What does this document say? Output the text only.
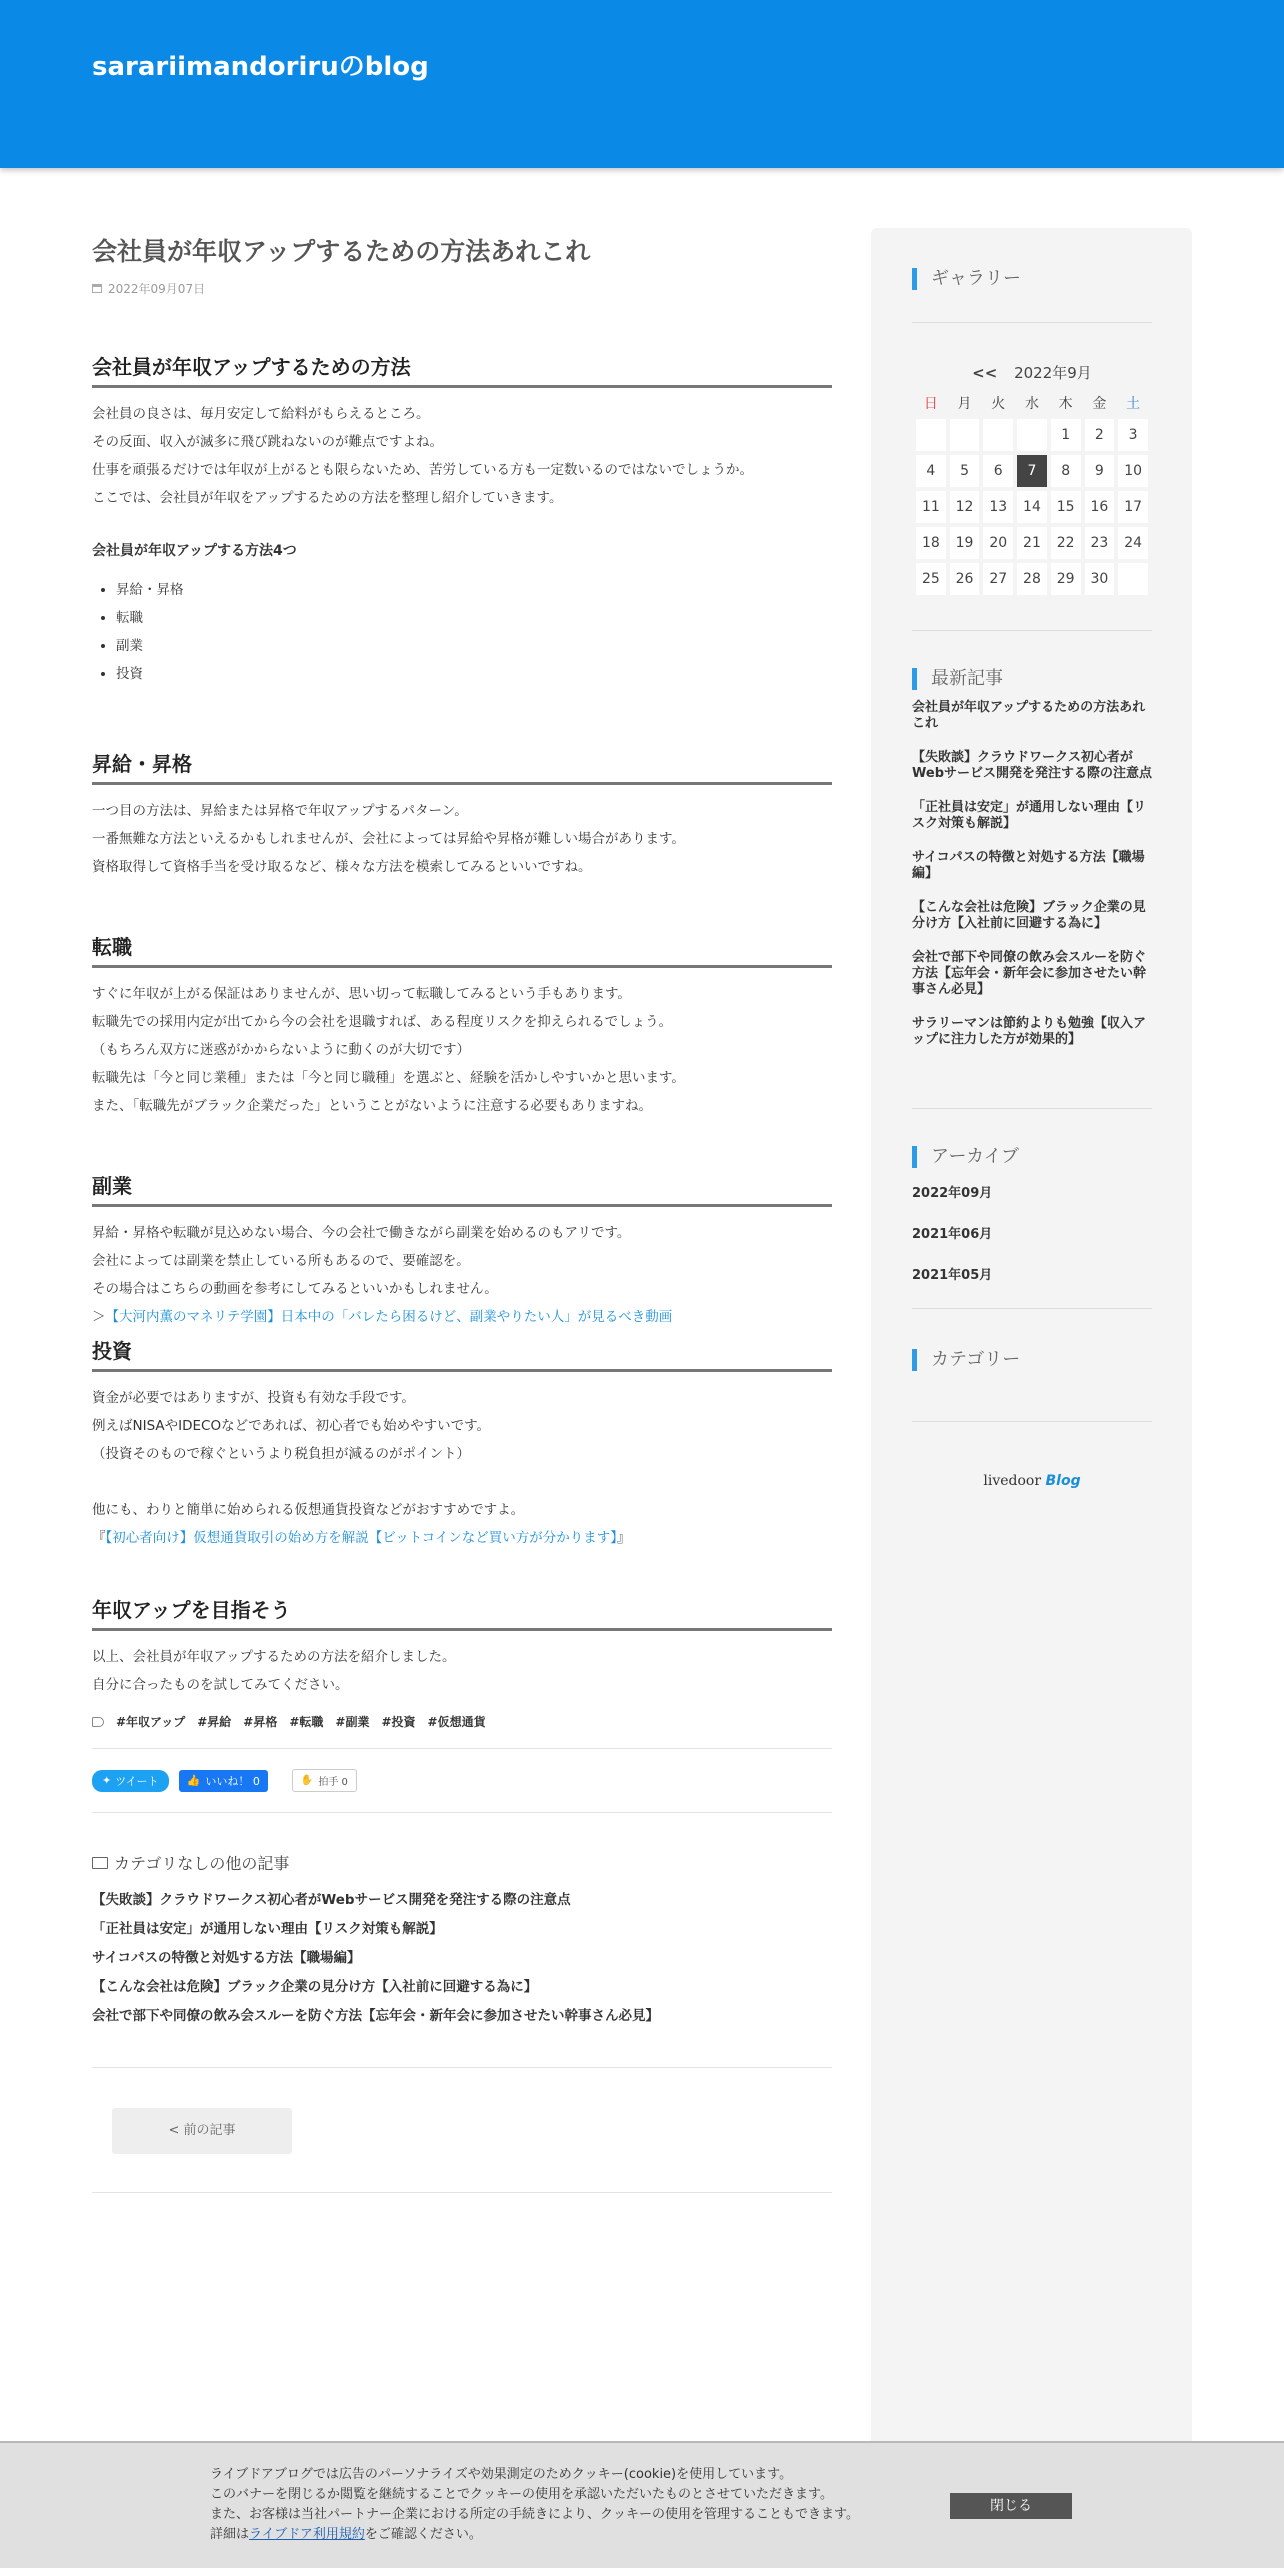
sarariimandoriruのblog
会社員が年収アップするための方法あれこれ
2022年09月07日
会社員が年収アップするための方法

会社員の良さは、毎月安定して給料がもらえるところ。

その反面、収入が滅多に飛び跳ねないのが難点ですよね。

仕事を頑張るだけでは年収が上がるとも限らないため、苦労している方も一定数いるのではないでしょうか。

ここでは、会社員が年収をアップするための方法を整理し紹介していきます。

会社員が年収アップする方法4つ

• 昇給・昇格
• 転職
• 副業
• 投資
昇給・昇格

一つ目の方法は、昇給または昇格で年収アップするパターン。

一番無難な方法といえるかもしれませんが、会社によっては昇給や昇格が難しい場合があります。

資格取得して資格手当を受け取るなど、様々な方法を模索してみるといいですね。

転職

すぐに年収が上がる保証はありませんが、思い切って転職してみるという手もあります。

転職先での採用内定が出てから今の会社を退職すれば、ある程度リスクを抑えられるでしょう。

（もちろん双方に迷惑がかからないように動くのが大切です）

転職先は「今と同じ業種」または「今と同じ職種」を選ぶと、経験を活かしやすいかと思います。

また、「転職先がブラック企業だった」ということがないように注意する必要もありますね。

副業

昇給・昇格や転職が見込めない場合、今の会社で働きながら副業を始めるのもアリです。

会社によっては副業を禁止している所もあるので、要確認を。

その場合はこちらの動画を参考にしてみるといいかもしれません。

＞【大河内薫のマネリテ学園】日本中の「バレたら困るけど、副業やりたい人」が見るべき動画

投資

資金が必要ではありますが、投資も有効な手段です。

例えばNISAやIDECOなどであれば、初心者でも始めやすいです。

（投資そのもので稼ぐというより税負担が減るのがポイント）

他にも、わりと簡単に始められる仮想通貨投資などがおすすめですよ。

『【初心者向け】仮想通貨取引の始め方を解説【ビットコインなど買い方が分かります】』

年収アップを目指そう

以上、会社員が年収アップするための方法を紹介しました。

自分に合ったものを試してみてください。

#年収アップ #昇給 #昇格 #転職 #副業 #投資 #仮想通貨
✦ ツイート	👍 いいね！ 0	✋ 拍手 0
カテゴリなしの他の記事
【失敗談】クラウドワークス初心者がWebサービス開発を発注する際の注意点
「正社員は安定」が通用しない理由【リスク対策も解説】
サイコパスの特徴と対処する方法【職場編】
【こんな会社は危険】ブラック企業の見分け方【入社前に回避する為に】
会社で部下や同僚の飲み会スルーを防ぐ方法【忘年会・新年会に参加させたい幹事さん必見】
< 前の記事
ギャラリー
<< 2022年9月
日	月	火	水	木	金	土
				1	2	3
4	5	6	7	8	9	10
11	12	13	14	15	16	17
18	19	20	21	22	23	24
25	26	27	28	29	30	
最新記事
会社員が年収アップするための方法あれこれ
【失敗談】クラウドワークス初心者がWebサービス開発を発注する際の注意点
「正社員は安定」が通用しない理由【リスク対策も解説】
サイコパスの特徴と対処する方法【職場編】
【こんな会社は危険】ブラック企業の見分け方【入社前に回避する為に】
会社で部下や同僚の飲み会スルーを防ぐ方法【忘年会・新年会に参加させたい幹事さん必見】
サラリーマンは節約よりも勉強【収入アップに注力した方が効果的】
アーカイブ
2022年09月
2021年06月
2021年05月
カテゴリー
livedoor Blog
ライブドアブログでは広告のパーソナライズや効果測定のためクッキー(cookie)を使用しています。
このバナーを閉じるか閲覧を継続することでクッキーの使用を承認いただいたものとさせていただきます。
また、お客様は当社パートナー企業における所定の手続きにより、クッキーの使用を管理することもできます。
詳細はライブドア利用規約をご確認ください。
閉じる
